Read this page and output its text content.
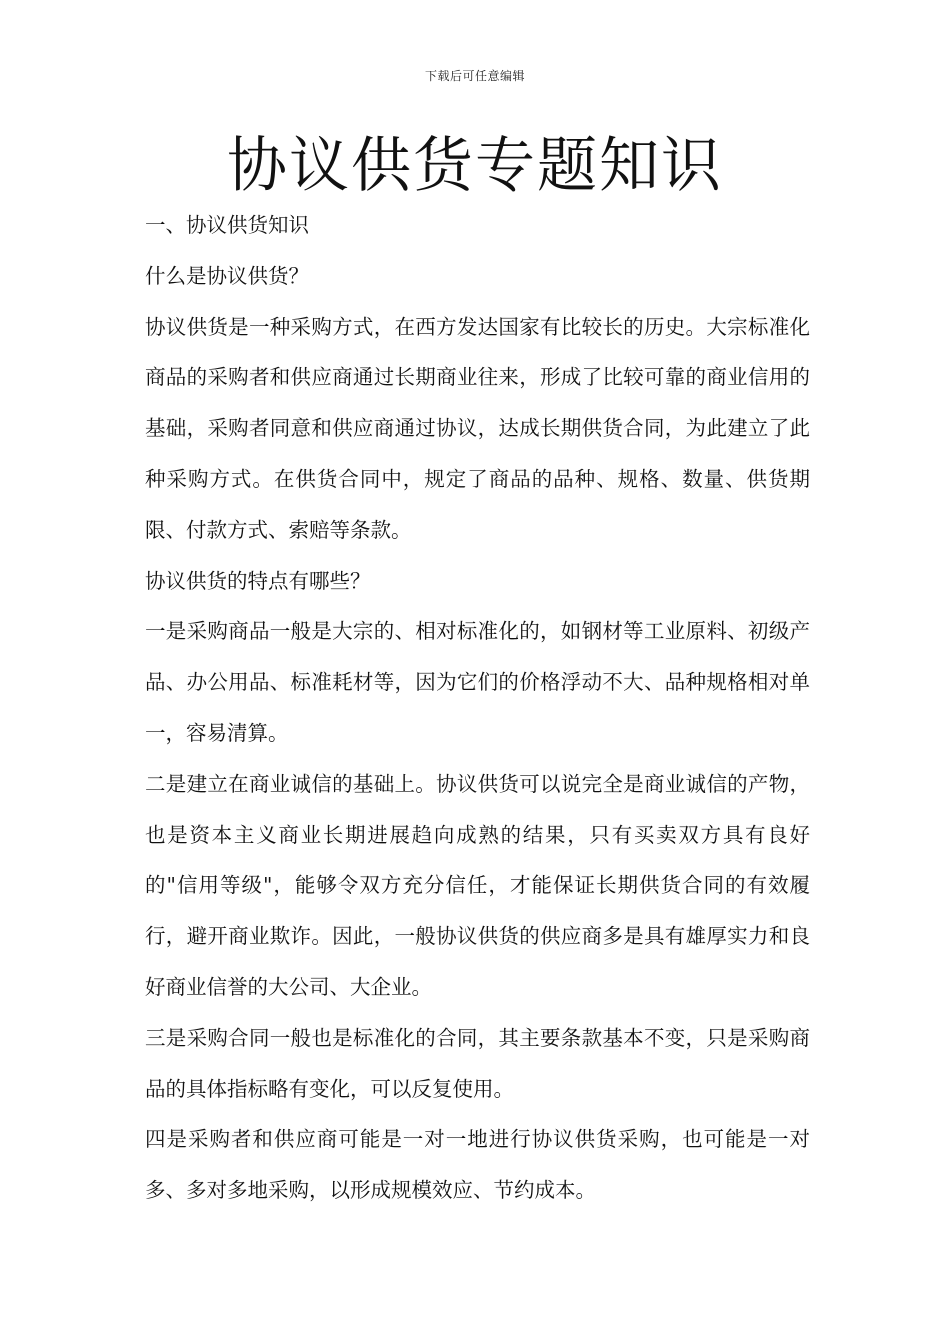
下载后可任意编辑
协议供货专题知识

一、协议供货知识

什么是协议供货？

协议供货是一种采购方式，在西方发达国家有比较长的历史。大宗标准化商品的采购者和供应商通过长期商业往来，形成了比较可靠的商业信用的基础，采购者同意和供应商通过协议，达成长期供货合同，为此建立了此种采购方式。在供货合同中，规定了商品的品种、规格、数量、供货期限、付款方式、索赔等条款。

协议供货的特点有哪些？

一是采购商品一般是大宗的、相对标准化的，如钢材等工业原料、初级产品、办公用品、标准耗材等，因为它们的价格浮动不大、品种规格相对单一，容易清算。

二是建立在商业诚信的基础上。协议供货可以说完全是商业诚信的产物，也是资本主义商业长期进展趋向成熟的结果，只有买卖双方具有良好的"信用等级"，能够令双方充分信任，才能保证长期供货合同的有效履行，避开商业欺诈。因此，一般协议供货的供应商多是具有雄厚实力和良好商业信誉的大公司、大企业。

三是采购合同一般也是标准化的合同，其主要条款基本不变，只是采购商品的具体指标略有变化，可以反复使用。

四是采购者和供应商可能是一对一地进行协议供货采购，也可能是一对多、多对多地采购，以形成规模效应、节约成本。
